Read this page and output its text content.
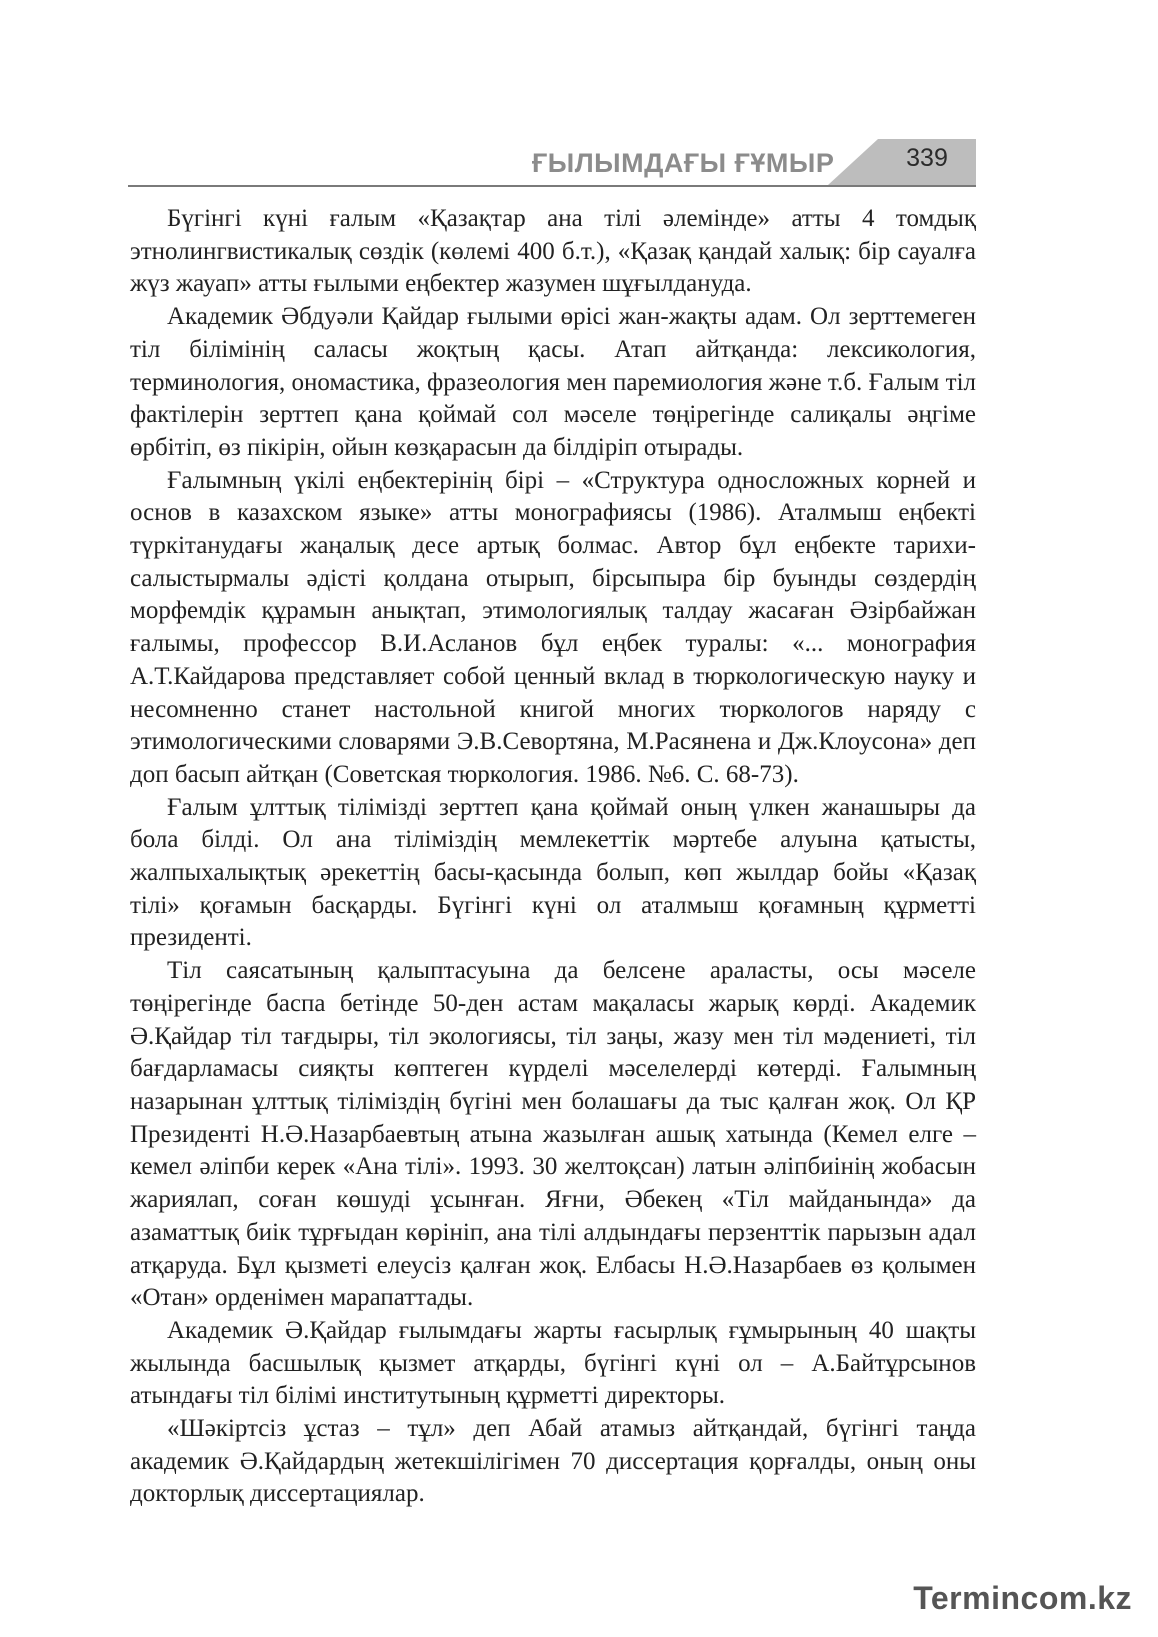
ҒЫЛЫМДАҒЫ ҒҰМЫР	339

Бүгінгі күні ғалым «Қазақтар ана тілі әлемінде» атты 4 томдық этнолингвистикалық сөздік (көлемі 400 б.т.), «Қазақ қандай халық: бір сауалға жүз жауап» атты ғылыми еңбектер жазумен шұғылдануда.

Академик Әбдуәли Қайдар ғылыми өрісі жан-жақты адам. Ол зерттемеген тіл білімінің саласы жоқтың қасы. Атап айтқанда: лексикология, терминология, ономастика, фразеология мен паремиология және т.б. Ғалым тіл фактілерін зерттеп қана қоймай сол мәселе төңірегінде салиқалы әңгіме өрбітіп, өз пікірін, ойын көзқарасын да білдіріп отырады.

Ғалымның үкілі еңбектерінің бірі – «Структура односложных корней и основ в казахском языке» атты монографиясы (1986). Аталмыш еңбекті түркітанудағы жаңалық десе артық болмас. Автор бұл еңбекте тарихи-салыстырмалы әдісті қолдана отырып, бірсыпыра бір буынды сөздердің морфемдік құрамын анықтап, этимологиялық талдау жасаған Әзірбайжан ғалымы, профессор В.И.Асланов бұл еңбек туралы: «... монография А.Т.Кайдарова представляет собой ценный вклад в тюркологическую науку и несомненно станет настольной книгой многих тюркологов наряду с этимологическими словарями Э.В.Севортяна, М.Расянена и Дж.Клоусона» деп доп басып айтқан (Советская тюркология. 1986. №6. С. 68-73).

Ғалым ұлттық тілімізді зерттеп қана қоймай оның үлкен жанашыры да бола білді. Ол ана тіліміздің мемлекеттік мәртебе алуына қатысты, жалпыхалықтық әрекеттің басы-қасында болып, көп жылдар бойы «Қазақ тілі» қоғамын басқарды. Бүгінгі күні ол аталмыш қоғамның құрметті президенті.

Тіл саясатының қалыптасуына да белсене араласты, осы мәселе төңірегінде баспа бетінде 50-ден астам мақаласы жарық көрді. Академик Ә.Қайдар тіл тағдыры, тіл экологиясы, тіл заңы, жазу мен тіл мәдениеті, тіл бағдарламасы сияқты көптеген күрделі мәселелерді көтерді. Ғалымның назарынан ұлттық тіліміздің бүгіні мен болашағы да тыс қалған жоқ. Ол ҚР Президенті Н.Ә.Назарбаевтың атына жазылған ашық хатында (Кемел елге – кемел әліпби керек «Ана тілі». 1993. 30 желтоқсан) латын әліпбиінің жобасын жариялап, соған көшуді ұсынған. Яғни, Әбекең «Тіл майданында» да азаматтық биік тұрғыдан көрініп, ана тілі алдындағы перзенттік парызын адал атқаруда. Бұл қызметі елеусіз қалған жоқ. Елбасы Н.Ә.Назарбаев өз қолымен «Отан» орденімен марапаттады.

Академик Ә.Қайдар ғылымдағы жарты ғасырлық ғұмырының 40 шақты жылында басшылық қызмет атқарды, бүгінгі күні ол – А.Байтұрсынов атындағы тіл білімі институтының құрметті директоры.

«Шәкіртсіз ұстаз – тұл» деп Абай атамыз айтқандай, бүгінгі таңда академик Ә.Қайдардың жетекшілігімен 70 диссертация қорғалды, оның оны докторлық диссертациялар.

Termincom.kz
